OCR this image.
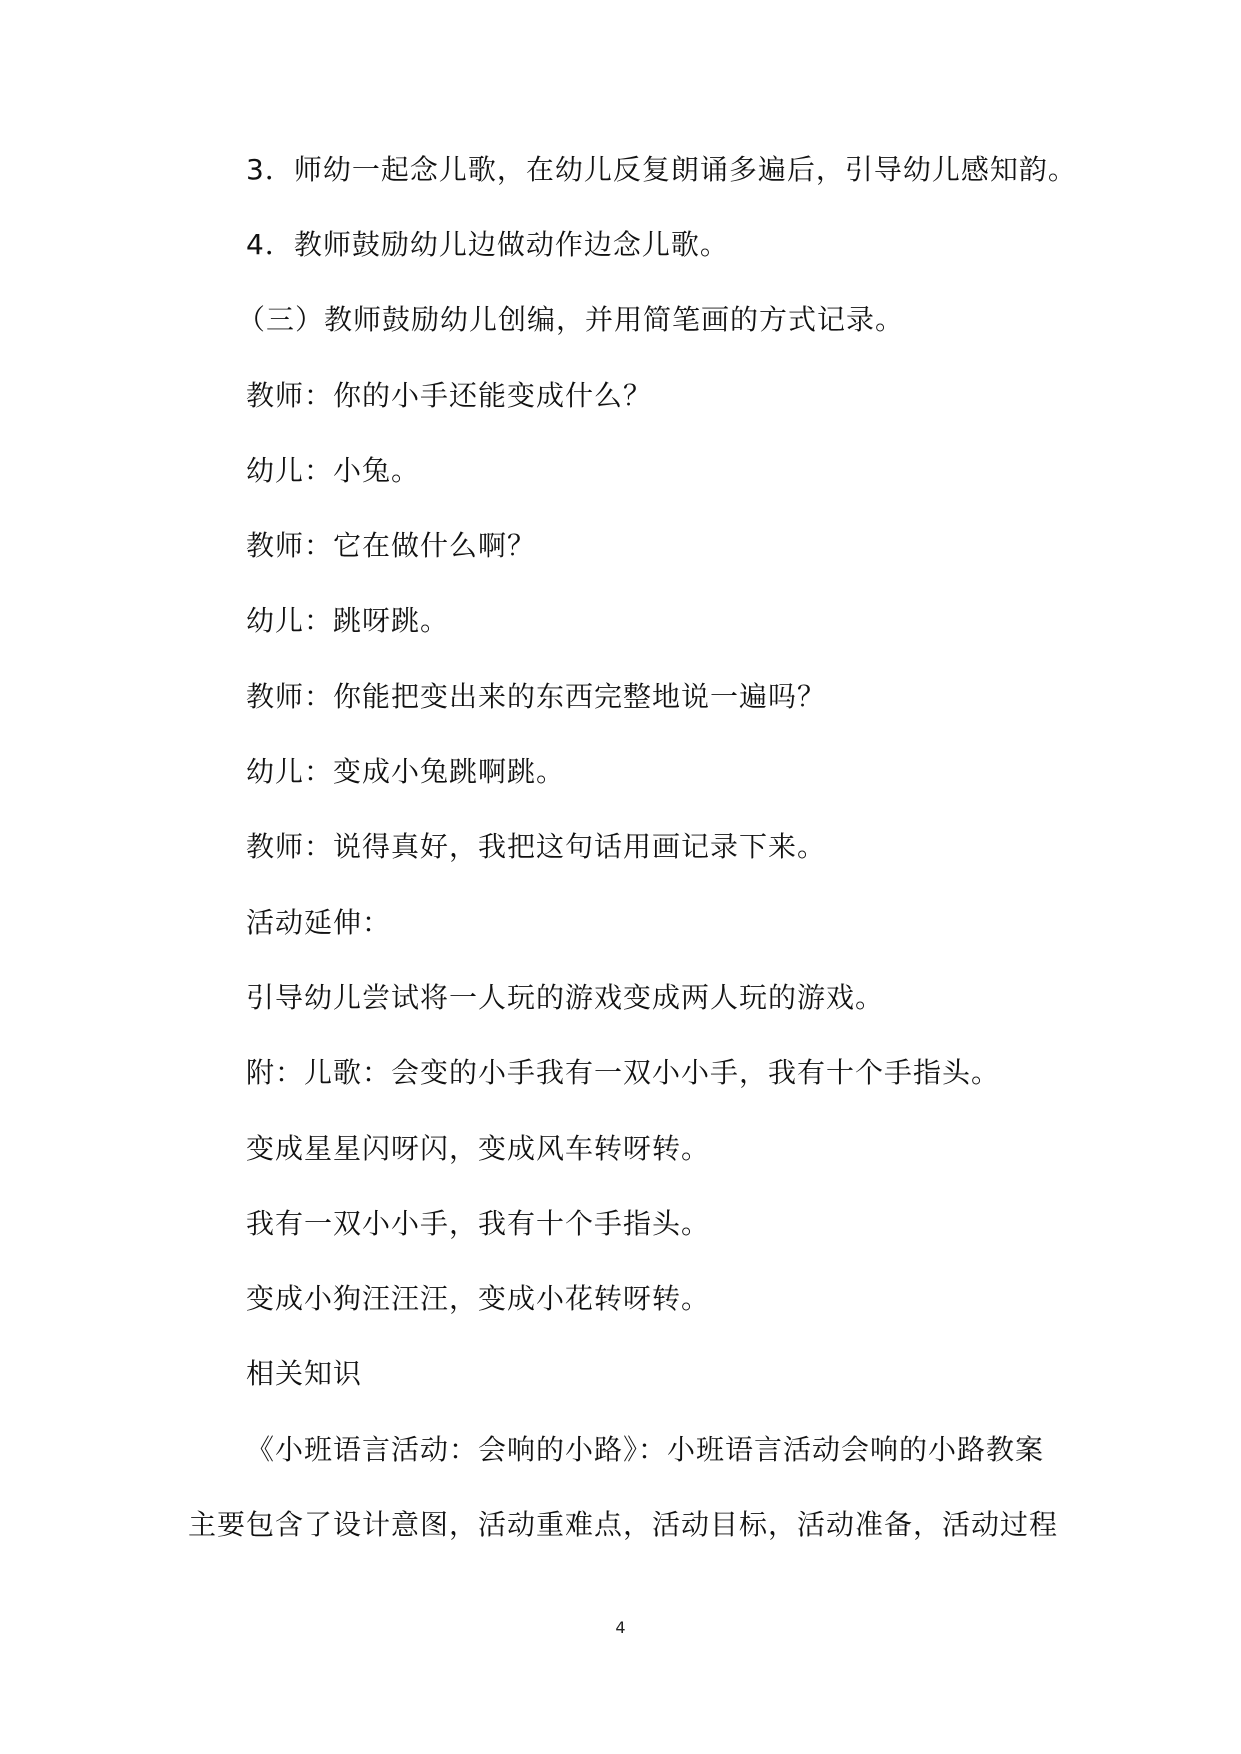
3．师幼一起念儿歌，在幼儿反复朗诵多遍后，引导幼儿感知韵。
4．教师鼓励幼儿边做动作边念儿歌。
（三）教师鼓励幼儿创编，并用简笔画的方式记录。
教师：你的小手还能变成什么？
幼儿：小兔。
教师：它在做什么啊？
幼儿：跳呀跳。
教师：你能把变出来的东西完整地说一遍吗？
幼儿：变成小兔跳啊跳。
教师：说得真好，我把这句话用画记录下来。
活动延伸：
引导幼儿尝试将一人玩的游戏变成两人玩的游戏。
附：儿歌：会变的小手我有一双小小手，我有十个手指头。
变成星星闪呀闪，变成风车转呀转。
我有一双小小手，我有十个手指头。
变成小狗汪汪汪，变成小花转呀转。
相关知识
《小班语言活动：会响的小路》：小班语言活动会响的小路教案
主要包含了设计意图，活动重难点，活动目标，活动准备，活动过程
4
